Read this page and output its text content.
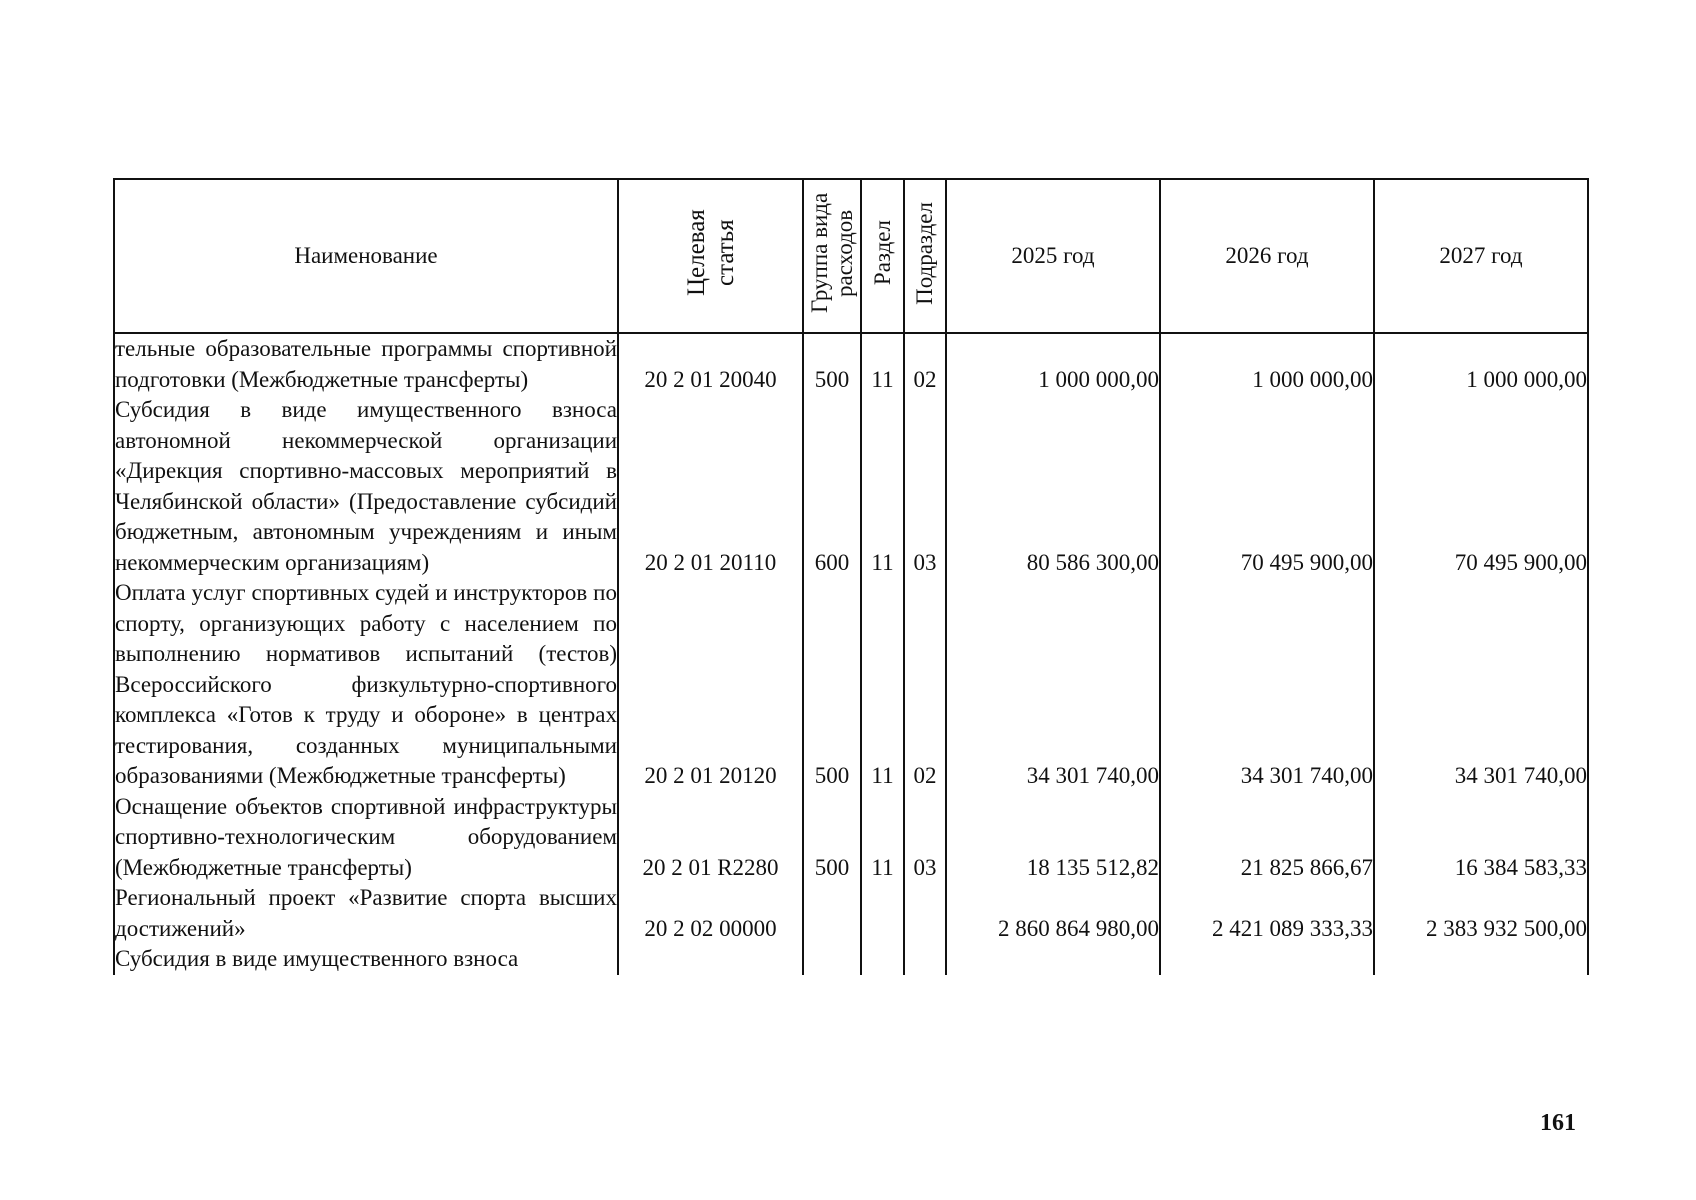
Наименование	Целевая статья	Группа вида расходов	Раздел	Подраздел	2025 год	2026 год	2027 год
тельные образовательные программы спортивной подготовки (Межбюджетные трансферты)	20 2 01 20040	500	11	02	1 000 000,00	1 000 000,00	1 000 000,00
Субсидия в виде имущественного взноса автономной некоммерческой организации «Дирекция спортивно-массовых мероприятий в Челябинской области» (Предоставление субсидий бюджетным, автономным учреждениям и иным некоммерческим организациям)	20 2 01 20110	600	11	03	80 586 300,00	70 495 900,00	70 495 900,00
Оплата услуг спортивных судей и инструкторов по спорту, организующих работу с населением по выполнению нормативов испытаний (тестов) Всероссийского физкультурно-спортивного комплекса «Готов к труду и обороне» в центрах тестирования, созданных муниципальными образованиями (Межбюджетные трансферты)	20 2 01 20120	500	11	02	34 301 740,00	34 301 740,00	34 301 740,00
Оснащение объектов спортивной инфраструктуры спортивно-технологическим оборудованием (Межбюджетные трансферты)	20 2 01 R2280	500	11	03	18 135 512,82	21 825 866,67	16 384 583,33
Региональный проект «Развитие спорта высших достижений»	20 2 02 00000				2 860 864 980,00	2 421 089 333,33	2 383 932 500,00
Субсидия в виде имущественного взноса							
161
